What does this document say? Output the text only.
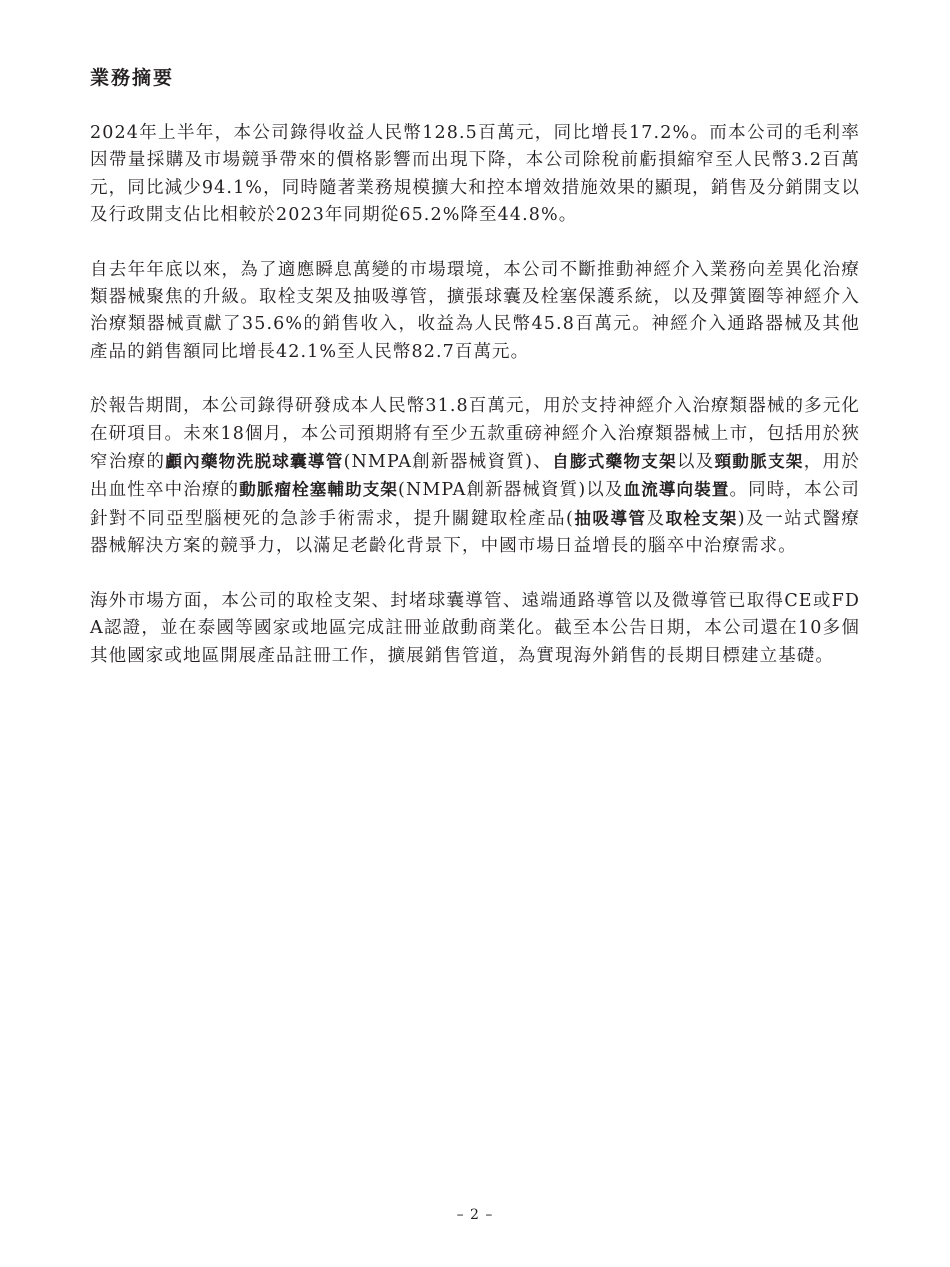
業務摘要

2024年上半年，本公司錄得收益人民幣128.5百萬元，同比增長17.2%。而本公司的毛利率因帶量採購及市場競爭帶來的價格影響而出現下降，本公司除稅前虧損縮窄至人民幣3.2百萬元，同比減少94.1%，同時隨著業務規模擴大和控本增效措施效果的顯現，銷售及分銷開支以及行政開支佔比相較於2023年同期從65.2%降至44.8%。

自去年年底以來，為了適應瞬息萬變的市場環境，本公司不斷推動神經介入業務向差異化治療類器械聚焦的升級。取栓支架及抽吸導管，擴張球囊及栓塞保護系統，以及彈簧圈等神經介入治療類器械貢獻了35.6%的銷售收入，收益為人民幣45.8百萬元。神經介入通路器械及其他產品的銷售額同比增長42.1%至人民幣82.7百萬元。

於報告期間，本公司錄得研發成本人民幣31.8百萬元，用於支持神經介入治療類器械的多元化在研項目。未來18個月，本公司預期將有至少五款重磅神經介入治療類器械上市，包括用於狹窄治療的顱內藥物洗脱球囊導管(NMPA創新器械資質)、自膨式藥物支架以及頸動脈支架，用於出血性卒中治療的動脈瘤栓塞輔助支架(NMPA創新器械資質)以及血流導向裝置。同時，本公司針對不同亞型腦梗死的急診手術需求，提升關鍵取栓產品(抽吸導管及取栓支架)及一站式醫療器械解決方案的競爭力，以滿足老齡化背景下，中國市場日益增長的腦卒中治療需求。

海外市場方面，本公司的取栓支架、封堵球囊導管、遠端通路導管以及微導管已取得CE或FDA認證，並在泰國等國家或地區完成註冊並啟動商業化。截至本公告日期，本公司還在10多個其他國家或地區開展產品註冊工作，擴展銷售管道，為實現海外銷售的長期目標建立基礎。

– 2 –
